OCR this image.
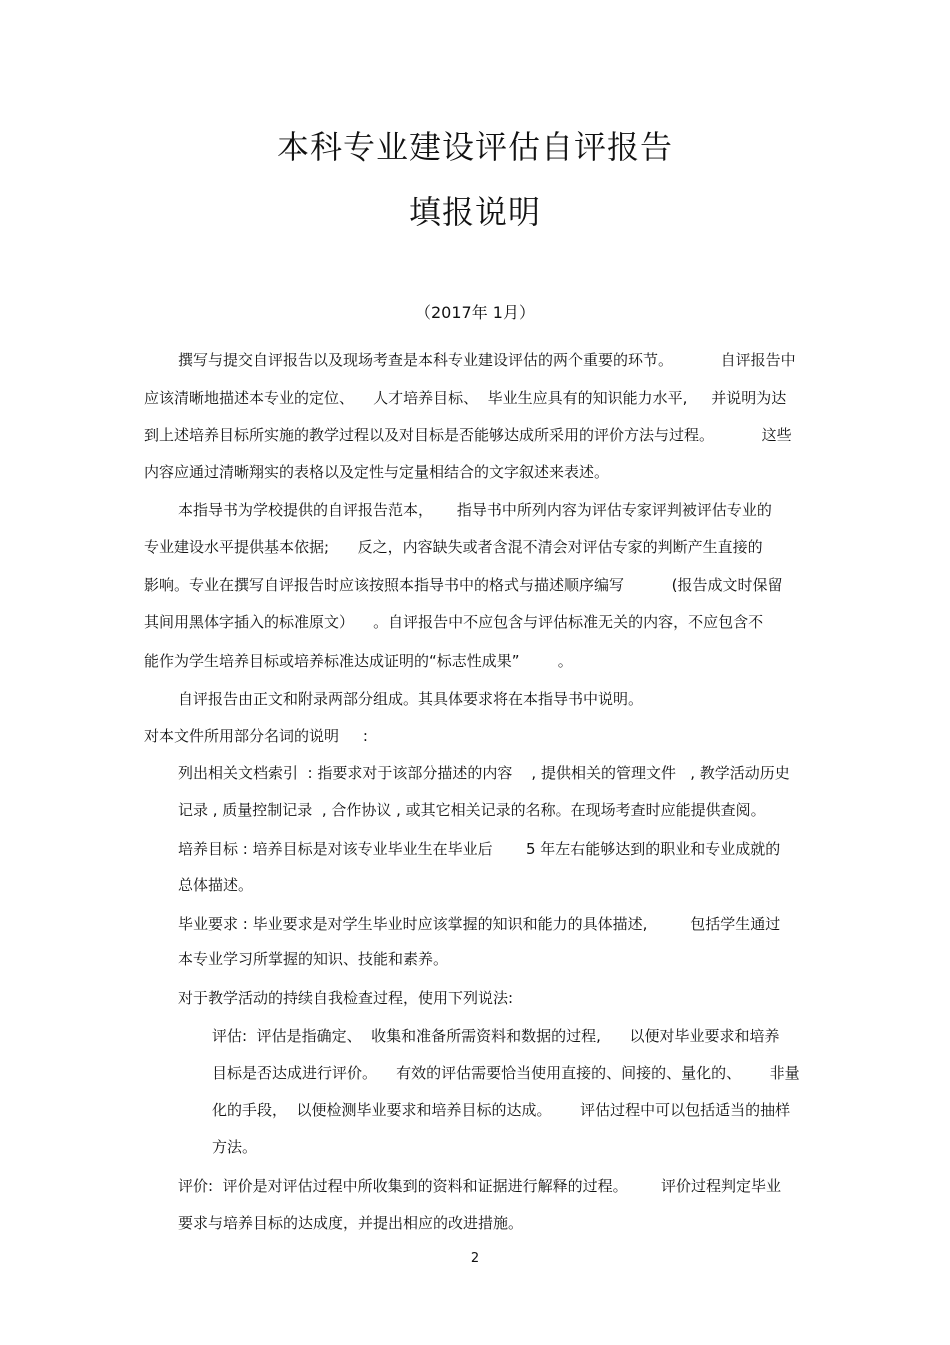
本科专业建设评估自评报告
填报说明
（2017年 1月）
撰写与提交自评报告以及现场考查是本科专业建设评估的两个重要的环节。          自评报告中
应该清晰地描述本专业的定位、    人才培养目标、  毕业生应具有的知识能力水平,     并说明为达
到上述培养目标所实施的教学过程以及对目标是否能够达成所采用的评价方法与过程。          这些
内容应通过清晰翔实的表格以及定性与定量相结合的文字叙述来表述。
本指导书为学校提供的自评报告范本，     指导书中所列内容为评估专家评判被评估专业的
专业建设水平提供基本依据;      反之，内容缺失或者含混不清会对评估专家的判断产生直接的
影响。专业在撰写自评报告时应该按照本指导书中的格式与描述顺序编写          (报告成文时保留
其间用黑体字插入的标准原文）    。自评报告中不应包含与评估标准无关的内容，不应包含不
能作为学生培养目标或培养标准达成证明的“标志性成果”        。
自评报告由正文和附录两部分组成。其具体要求将在本指导书中说明。
对本文件所用部分名词的说明     :
列出相关文档索引  : 指要求对于该部分描述的内容    , 提供相关的管理文件   , 教学活动历史
记录 , 质量控制记录  , 合作协议 , 或其它相关记录的名称。在现场考查时应能提供查阅。
培养目标 : 培养目标是对该专业毕业生在毕业后       5 年左右能够达到的职业和专业成就的
总体描述。
毕业要求 : 毕业要求是对学生毕业时应该掌握的知识和能力的具体描述,         包括学生通过
本专业学习所掌握的知识、技能和素养。
对于教学活动的持续自我检查过程，使用下列说法:
评估:  评估是指确定、  收集和准备所需资料和数据的过程,      以便对毕业要求和培养
目标是否达成进行评价。    有效的评估需要恰当使用直接的、间接的、量化的、      非量
化的手段，  以便检测毕业要求和培养目标的达成。      评估过程中可以包括适当的抽样
方法。
评价:  评价是对评估过程中所收集到的资料和证据进行解释的过程。       评价过程判定毕业
要求与培养目标的达成度，并提出相应的改进措施。
2
